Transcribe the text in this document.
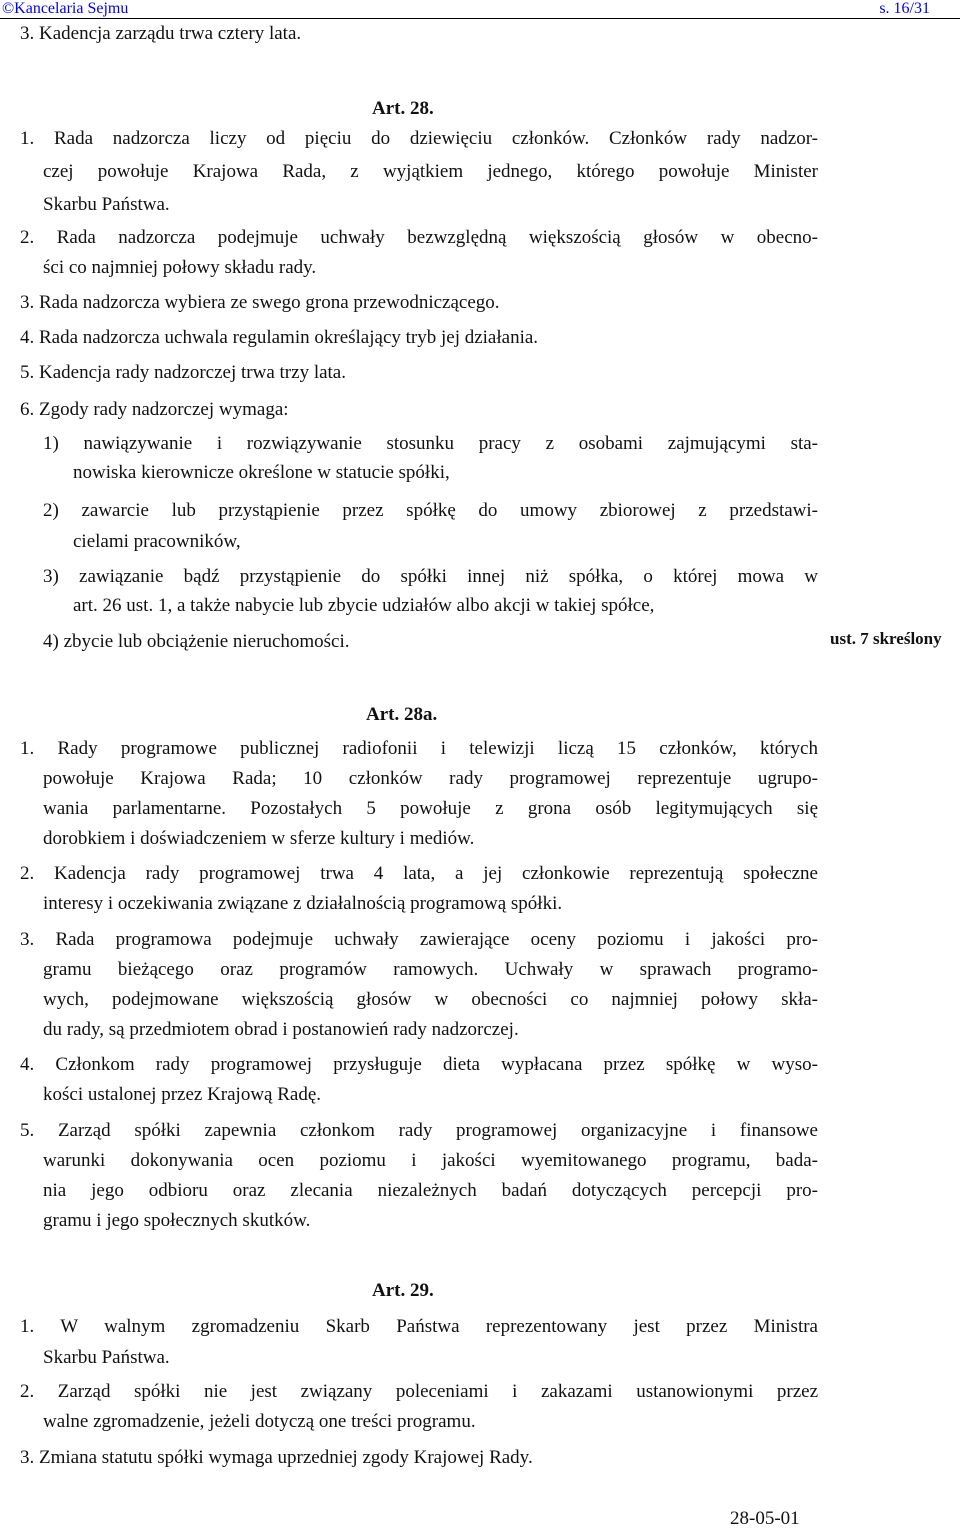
©Kancelaria Sejmu	s. 16/31
3. Kadencja zarządu trwa cztery lata.
Art. 28.
1. Rada nadzorcza liczy od pięciu do dziewięciu członków. Członków rady nadzor-
czej powołuje Krajowa Rada, z wyjątkiem jednego, którego powołuje Minister
Skarbu Państwa.
2. Rada nadzorcza podejmuje uchwały bezwzględną większością głosów w obecno-
ści co najmniej połowy składu rady.
3. Rada nadzorcza wybiera ze swego grona przewodniczącego.
4. Rada nadzorcza uchwala regulamin określający tryb jej działania.
5. Kadencja rady nadzorczej trwa trzy lata.
6. Zgody rady nadzorczej wymaga:
1) nawiązywanie i rozwiązywanie stosunku pracy z osobami zajmującymi sta-
nowiska kierownicze określone w statucie spółki,
2) zawarcie lub przystąpienie przez spółkę do umowy zbiorowej z przedstawi-
cielami pracowników,
3) zawiązanie bądź przystąpienie do spółki innej niż spółka, o której mowa w
art. 26 ust. 1, a także nabycie lub zbycie udziałów albo akcji w takiej spółce,
4) zbycie lub obciążenie nieruchomości.	ust. 7 skreślony
Art. 28a.
1. Rady programowe publicznej radiofonii i telewizji liczą 15 członków, których
powołuje Krajowa Rada; 10 członków rady programowej reprezentuje ugrupo-
wania parlamentarne. Pozostałych 5 powołuje z grona osób legitymujących się
dorobkiem i doświadczeniem w sferze kultury i mediów.
2. Kadencja rady programowej trwa 4 lata, a jej członkowie reprezentują społeczne
interesy i oczekiwania związane z działalnością programową spółki.
3. Rada programowa podejmuje uchwały zawierające oceny poziomu i jakości pro-
gramu bieżącego oraz programów ramowych. Uchwały w sprawach programo-
wych, podejmowane większością głosów w obecności co najmniej połowy skła-
du rady, są przedmiotem obrad i postanowień rady nadzorczej.
4. Członkom rady programowej przysługuje dieta wypłacana przez spółkę w wyso-
kości ustalonej przez Krajową Radę.
5. Zarząd spółki zapewnia członkom rady programowej organizacyjne i finansowe
warunki dokonywania ocen poziomu i jakości wyemitowanego programu, bada-
nia jego odbioru oraz zlecania niezależnych badań dotyczących percepcji pro-
gramu i jego społecznych skutków.
Art. 29.
1. W walnym zgromadzeniu Skarb Państwa reprezentowany jest przez Ministra
Skarbu Państwa.
2. Zarząd spółki nie jest związany poleceniami i zakazami ustanowionymi przez
walne zgromadzenie, jeżeli dotyczą one treści programu.
3. Zmiana statutu spółki wymaga uprzedniej zgody Krajowej Rady.
28-05-01
